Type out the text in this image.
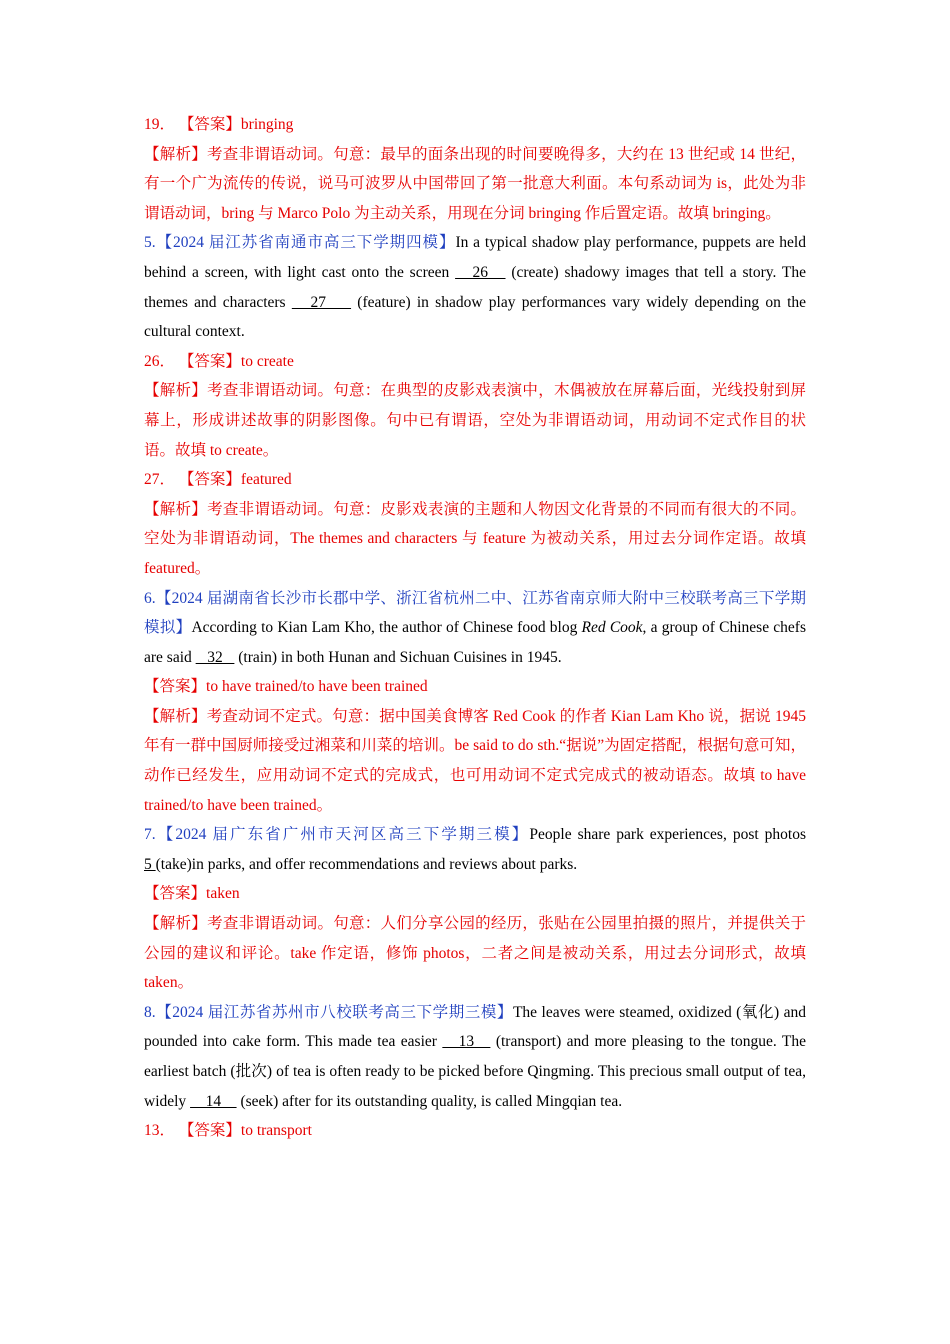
19． 【答案】bringing

【解析】考查非谓语动词。句意：最早的面条出现的时间要晚得多，大约在 13 世纪或 14 世纪，有一个广为流传的传说，说马可波罗从中国带回了第一批意大利面。本句系动词为 is，此处为非谓语动词，bring 与 Marco Polo 为主动关系，用现在分词 bringing 作后置定语。故填 bringing。

5.【2024 届江苏省南通市高三下学期四模】In a typical shadow play performance, puppets are held behind a screen, with light cast onto the screen    26    (create) shadowy images that tell a story. The themes and characters    27     (feature) in shadow play performances vary widely depending on the cultural context.

26． 【答案】to create

【解析】考查非谓语动词。句意：在典型的皮影戏表演中，木偶被放在屏幕后面，光线投射到屏幕上，形成讲述故事的阴影图像。句中已有谓语，空处为非谓语动词，用动词不定式作目的状语。故填 to create。

27． 【答案】featured

【解析】考查非谓语动词。句意：皮影戏表演的主题和人物因文化背景的不同而有很大的不同。空处为非谓语动词，The themes and characters 与 feature 为被动关系，用过去分词作定语。故填 featured。

6.【2024 届湖南省长沙市长郡中学、浙江省杭州二中、江苏省南京师大附中三校联考高三下学期模拟】According to Kian Lam Kho, the author of Chinese food blog Red Cook, a group of Chinese chefs are said    32    (train) in both Hunan and Sichuan Cuisines in 1945.

【答案】to have trained/to have been trained

【解析】考查动词不定式。句意：据中国美食博客 Red Cook 的作者 Kian Lam Kho 说，据说 1945 年有一群中国厨师接受过湘菜和川菜的培训。be said to do sth.“据说”为固定搭配，根据句意可知，动作已经发生，应用动词不定式的完成式，也可用动词不定式完成式的被动语态。故填 to have trained/to have been trained。

7.【2024 届广东省广州市天河区高三下学期三模】People share park experiences, post photos 5 (take)in parks, and offer recommendations and reviews about parks.

【答案】taken

【解析】考查非谓语动词。句意：人们分享公园的经历，张贴在公园里拍摄的照片，并提供关于公园的建议和评论。take 作定语，修饰 photos，二者之间是被动关系，用过去分词形式，故填 taken。

8.【2024 届江苏省苏州市八校联考高三下学期三模】The leaves were steamed, oxidized (氧化) and pounded into cake form. This made tea easier    13    (transport) and more pleasing to the tongue. The earliest batch (批次) of tea is often ready to be picked before Qingming. This precious small output of tea, widely     14     (seek) after for its outstanding quality, is called Mingqian tea.

13． 【答案】to transport
